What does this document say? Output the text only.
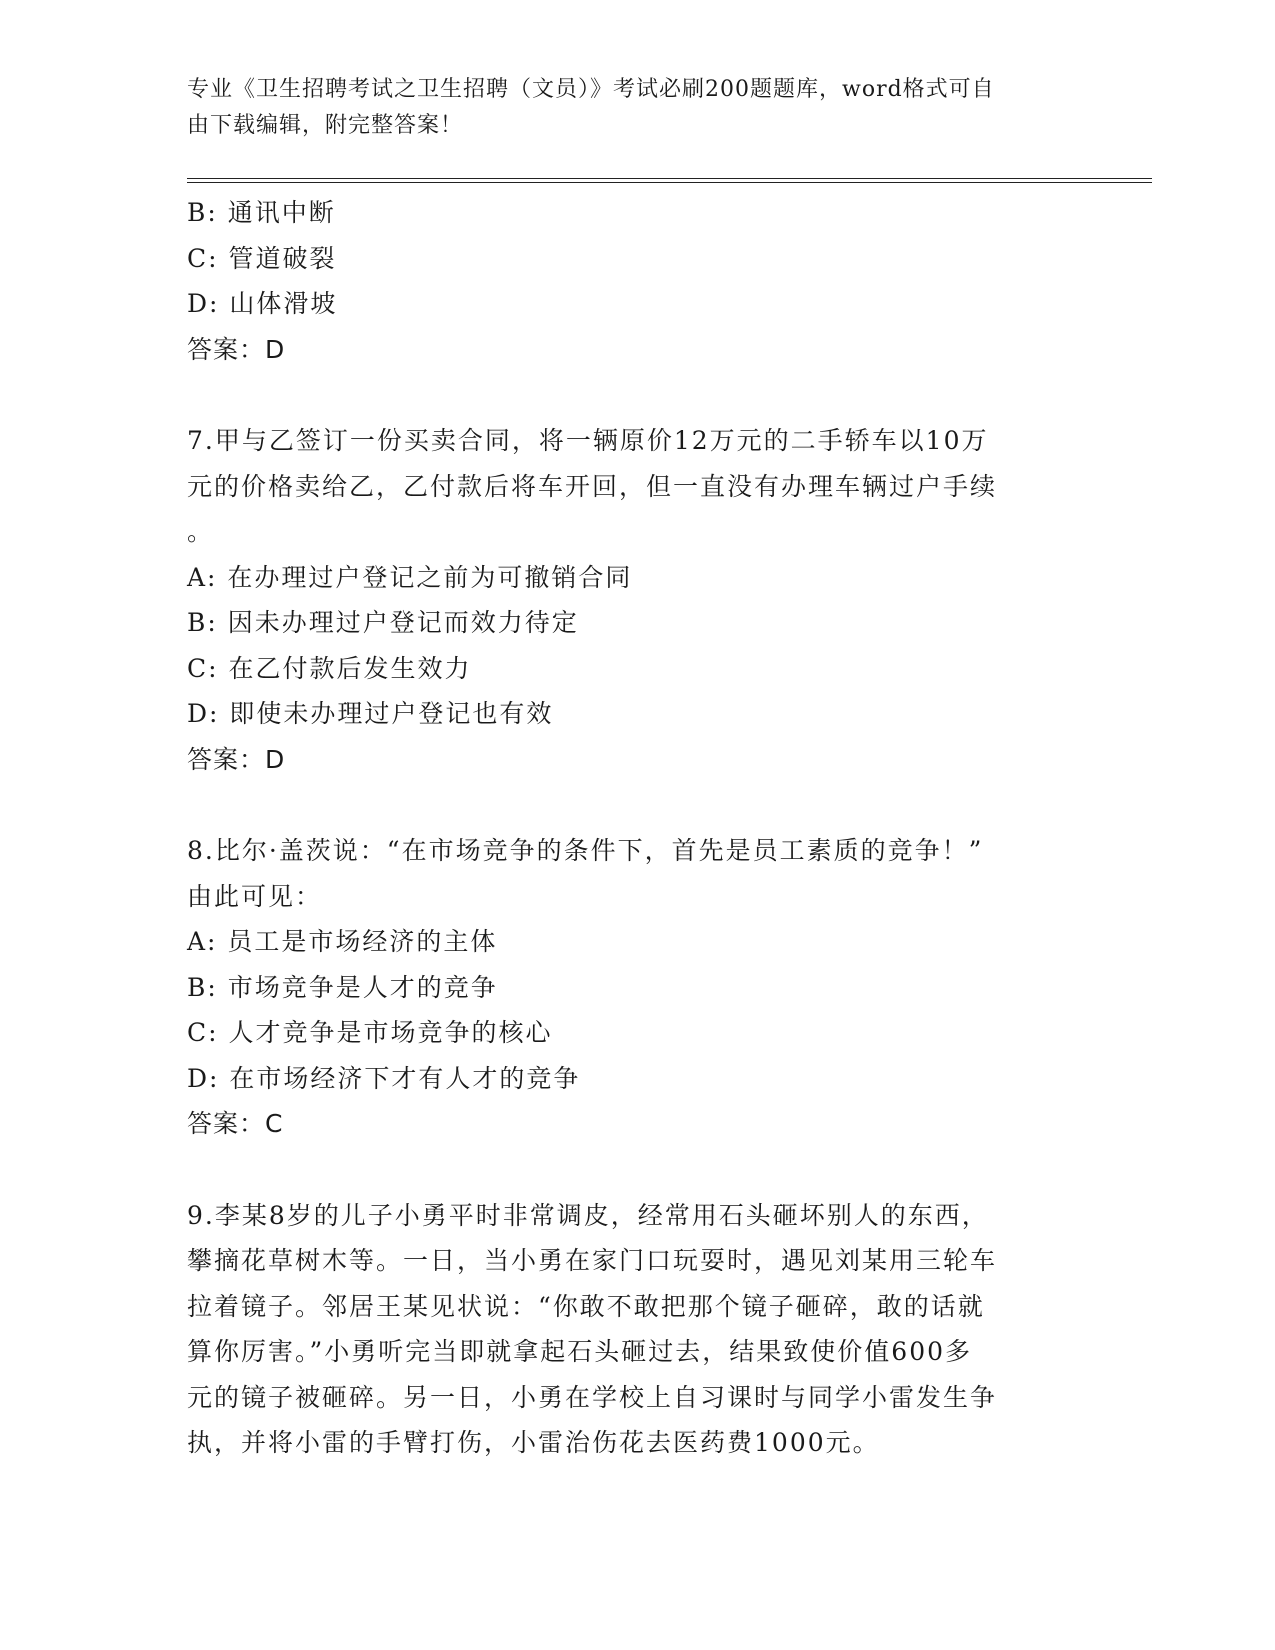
专业《卫生招聘考试之卫生招聘（文员）》考试必刷200题题库，word格式可自
由下载编辑，附完整答案！
B: 通讯中断
C: 管道破裂
D: 山体滑坡
答案：D
7.甲与乙签订一份买卖合同，将一辆原价12万元的二手轿车以10万
元的价格卖给乙，乙付款后将车开回，但一直没有办理车辆过户手续
。
A: 在办理过户登记之前为可撤销合同
B: 因未办理过户登记而效力待定
C: 在乙付款后发生效力
D: 即使未办理过户登记也有效
答案：D
8.比尔·盖茨说：“在市场竞争的条件下，首先是员工素质的竞争！”
由此可见：
A: 员工是市场经济的主体
B: 市场竞争是人才的竞争
C: 人才竞争是市场竞争的核心
D: 在市场经济下才有人才的竞争
答案：C
9.李某8岁的儿子小勇平时非常调皮，经常用石头砸坏别人的东西，
攀摘花草树木等。一日，当小勇在家门口玩耍时，遇见刘某用三轮车
拉着镜子。邻居王某见状说：“你敢不敢把那个镜子砸碎，敢的话就
算你厉害。”小勇听完当即就拿起石头砸过去，结果致使价值600多
元的镜子被砸碎。另一日，小勇在学校上自习课时与同学小雷发生争
执，并将小雷的手臂打伤，小雷治伤花去医药费1000元。
